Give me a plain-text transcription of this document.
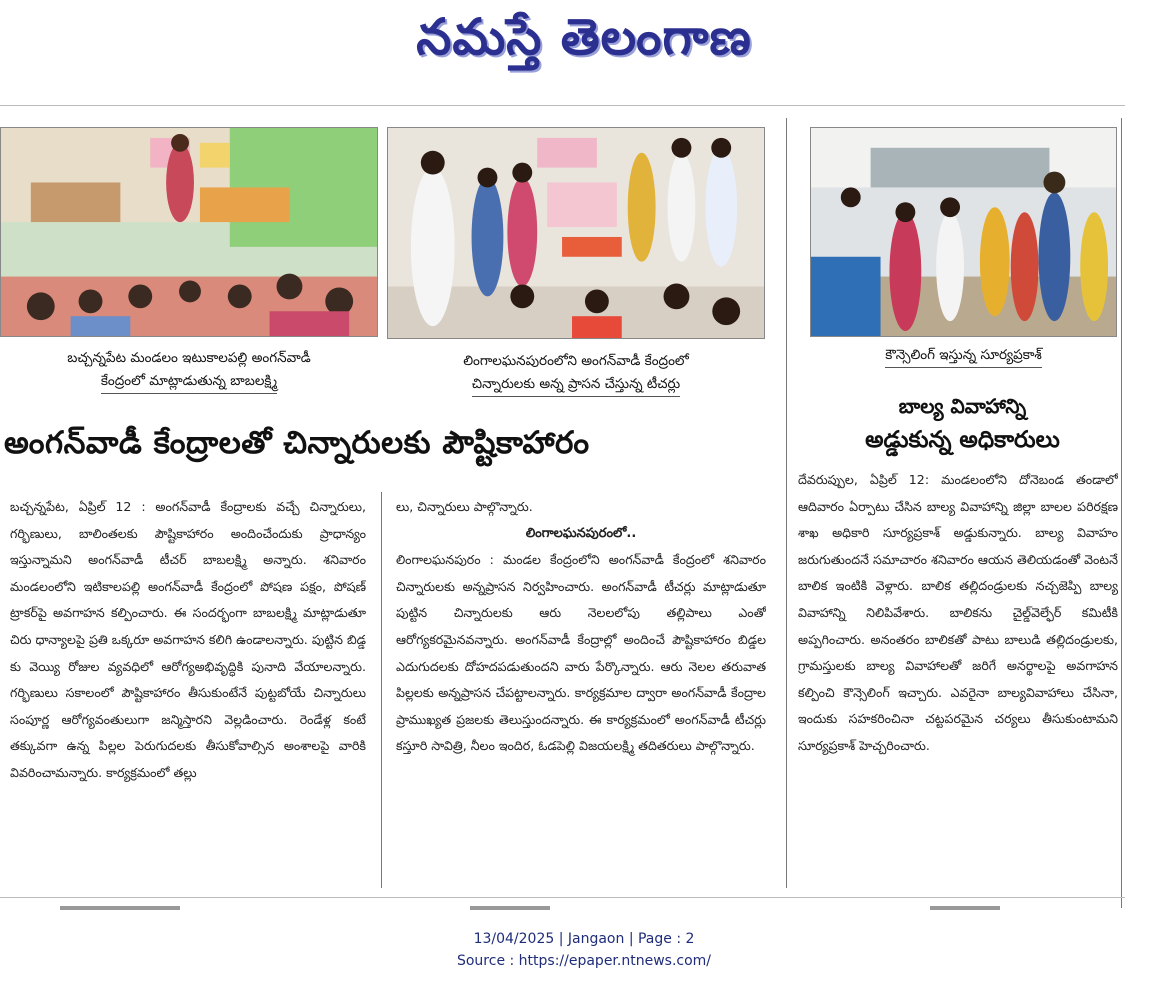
నమస్తే తెలంగాణ
బచ్చన్నపేట మండలం ఇటుకాలపల్లి అంగన్‌వాడీ
కేంద్రంలో మాట్లాడుతున్న బాబలక్ష్మి
లింగాలఘనపురంలోని అంగన్‌వాడీ కేంద్రంలో
చిన్నారులకు అన్న ప్రాసన చేస్తున్న టీచర్లు
కౌన్సెలింగ్ ఇస్తున్న సూర్యప్రకాశ్
అంగన్‌వాడీ కేంద్రాలతో చిన్నారులకు పౌష్టికాహారం
బాల్య వివాహాన్ని
అడ్డుకున్న అధికారులు

బచ్చన్నపేట, ఏప్రిల్ 12 : అంగన్‌వాడీ కేంద్రాలకు వచ్చే చిన్నారులు, గర్భిణులు, బాలింతలకు పౌష్టికాహారం అందించేందుకు ప్రాధాన్యం ఇస్తున్నామని అంగన్‌వాడీ టీచర్ బాబలక్ష్మి అన్నారు. శనివారం మండలంలోని ఇటికాలపల్లి అంగన్‌వాడీ కేంద్రంలో పోషణ పక్షం, పోషణ్ ట్రాకర్‌పై అవగాహన కల్పించారు. ఈ సందర్భంగా బాబలక్ష్మి మాట్లాడుతూ చిరు ధాన్యాలపై ప్రతి ఒక్కరూ అవగాహన కలిగి ఉండాలన్నారు. పుట్టిన బిడ్డ కు వెయ్యి రోజుల వ్యవధిలో ఆరోగ్యఅభివృద్ధికి పునాది వేయాలన్నారు. గర్భిణులు సకాలంలో పౌష్టికాహారం తీసుకుంటేనే పుట్టబోయే చిన్నారులు సంపూర్ణ ఆరోగ్యవంతులుగా జన్మిస్తారని వెల్లడించారు. రెండేళ్ల కంటే తక్కువగా ఉన్న పిల్లల పెరుగుదలకు తీసుకోవాల్సిన అంశాలపై వారికి వివరించామన్నారు. కార్యక్రమంలో తల్లు

లు, చిన్నారులు పాల్గొన్నారు.

లింగాలఘనపురంలో..

లింగాలఘనపురం : మండల కేంద్రంలోని అంగన్‌వాడీ కేంద్రంలో శనివారం చిన్నారులకు అన్నప్రాసన నిర్వహించారు. అంగన్‌వాడీ టీచర్లు మాట్లాడుతూ పుట్టిన చిన్నారులకు ఆరు నెలలలోపు తల్లిపాలు ఎంతో ఆరోగ్యకరమైనవన్నారు. అంగన్‌వాడీ కేంద్రాల్లో అందించే పౌష్టికాహారం బిడ్డల ఎదుగుదలకు దోహదపడుతుందని వారు పేర్కొన్నారు. ఆరు నెలల తరువాత పిల్లలకు అన్నప్రాసన చేపట్టాలన్నారు. కార్యక్రమాల ద్వారా అంగన్‌వాడీ కేంద్రాల ప్రాముఖ్యత ప్రజలకు తెలుస్తుందన్నారు. ఈ కార్యక్రమంలో అంగన్‌వాడీ టీచర్లు కస్తూరి సావిత్రి, నీలం ఇందిర, ఓడపెల్లి విజయలక్ష్మి తదితరులు పాల్గొన్నారు.

దేవరుప్పుల, ఏప్రిల్ 12: మండలంలోని దోనెబండ తండాలో ఆదివారం ఏర్పాటు చేసిన బాల్య వివాహాన్ని జిల్లా బాలల పరిరక్షణ శాఖ అధికారి సూర్యప్రకాశ్ అడ్డుకున్నారు. బాల్య వివాహం జరుగుతుందనే సమాచారం శనివారం ఆయన తెలియడంతో వెంటనే బాలిక ఇంటికి వెళ్లారు. బాలిక తల్లిదండ్రులకు నచ్చజెప్పి బాల్య వివాహాన్ని నిలిపివేశారు. బాలికను చైల్డ్‌వెల్ఫేర్ కమిటీకి అప్పగించారు. అనంతరం బాలికతో పాటు బాలుడి తల్లిదండ్రులకు, గ్రామస్తులకు బాల్య వివాహాలతో జరిగే అనర్థాలపై అవగాహన కల్పించి కౌన్సెలింగ్ ఇచ్చారు. ఎవరైనా బాల్యవివాహాలు చేసినా, ఇందుకు సహకరించినా చట్టపరమైన చర్యలు తీసుకుంటామని సూర్యప్రకాశ్ హెచ్చరించారు.

13/04/2025 | Jangaon | Page : 2
Source : https://epaper.ntnews.com/
